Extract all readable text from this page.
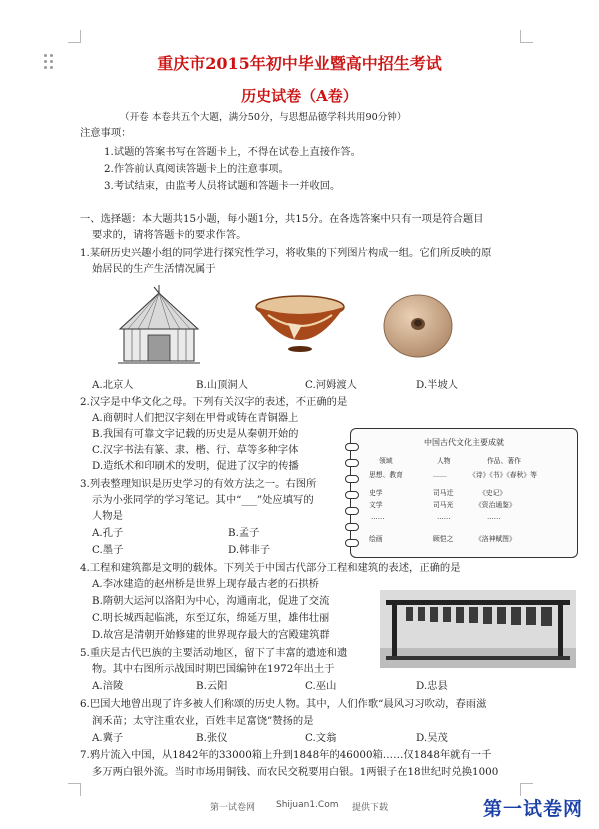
重庆市2015年初中毕业暨高中招生考试
历史试卷（A卷）
（开卷 本卷共五个大题，满分50分，与思想品德学科共用90分钟）
注意事项：
1.试题的答案书写在答题卡上，不得在试卷上直接作答。
2.作答前认真阅读答题卡上的注意事项。
3.考试结束，由监考人员将试题和答题卡一并收回。
一、选择题：本大题共15小题，每小题1分，共15分。在各选答案中只有一项是符合题目
要求的，请将答题卡的要求作答。
1.某研历史兴趣小组的同学进行探究性学习，将收集的下列图片构成一组。它们所反映的原
始居民的生产生活情况属于
A.北京人	B.山顶洞人	C.河姆渡人	D.半坡人
2.汉字是中华文化之母。下列有关汉字的表述，不正确的是
A.商朝时人们把汉字刻在甲骨或铸在青铜器上
B.我国有可靠文字记载的历史是从秦朝开始的
C.汉字书法有篆、隶、楷、行、草等多种字体
D.造纸术和印刷术的发明，促进了汉字的传播
中国古代文化主要成就
领域	人物	作品、著作
思想、教育	____	《诗》《书》《春秋》等
史学	司马迁	《史记》
文学	司马光	《资治通鉴》
……	……	……
绘画	顾恺之	《洛神赋图》
3.列表整理知识是历史学习的有效方法之一。右图所
示为小张同学的学习笔记。其中“___”处应填写的
人物是
A.孔子	B.孟子
C.墨子	D.韩非子
4.工程和建筑都是文明的载体。下列关于中国古代部分工程和建筑的表述，正确的是
A.李冰建造的赵州桥是世界上现存最古老的石拱桥
B.隋朝大运河以洛阳为中心，沟通南北，促进了交流
C.明长城西起临洮，东至辽东，绵延万里，雄伟壮丽
D.故宫是清朝开始修建的世界现存最大的宫殿建筑群
5.重庆是古代巴族的主要活动地区，留下了丰富的遗迹和遗
物。其中右图所示战国时期巴国编钟在1972年出土于
A.涪陵	B.云阳	C.巫山	D.忠县
6.巴国大地曾出现了许多被人们称颂的历史人物。其中，人们作歌“晨风习习吹动，春雨滋
润禾苗；太守注重农业，百姓丰足富饶”赞扬的是
A.冀子	B.张仪	C.文翁	D.吴茂
7.鸦片流入中国，从1842年的33000箱上升到1848年的46000箱……仅1848年就有一千
多万两白银外流。当时市场用铜钱、而农民交税要用白银。1两银子在18世纪时兑换1000
第一试卷网 Shijuan1.Com 提供下载	第一试卷网
